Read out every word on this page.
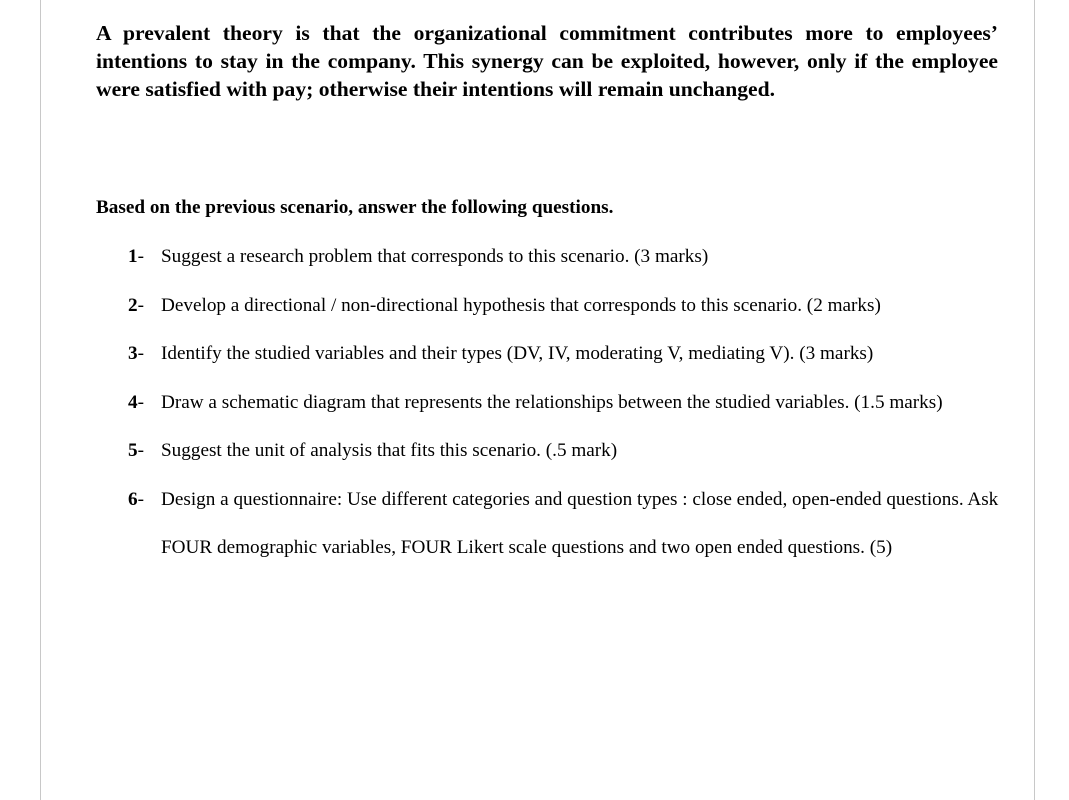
A prevalent theory is that the organizational commitment contributes more to employees’ intentions to stay in the company. This synergy can be exploited, however, only if the employee were satisfied with pay; otherwise their intentions will remain unchanged.

Based on the previous scenario, answer the following questions.

1- Suggest a research problem that corresponds to this scenario. (3 marks)
2- Develop a directional / non-directional hypothesis that corresponds to this scenario. (2 marks)
3- Identify the studied variables and their types (DV, IV, moderating V, mediating V). (3 marks)
4- Draw a schematic diagram that represents the relationships between the studied variables. (1.5 marks)
5- Suggest the unit of analysis that fits this scenario. (.5 mark)
6- Design a questionnaire: Use different categories and question types : close ended, open-ended questions. Ask FOUR demographic variables, FOUR Likert scale questions and two open ended questions. (5)
